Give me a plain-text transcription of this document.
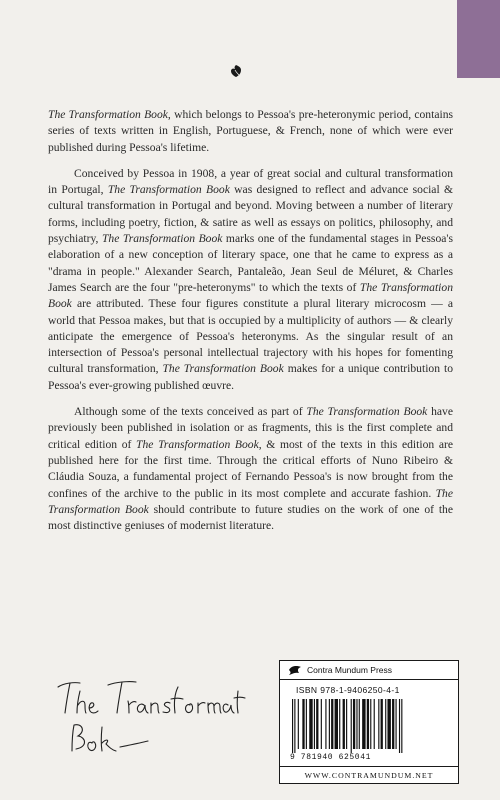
The Transformation Book, which belongs to Pessoa's pre-heteronymic period, contains series of texts written in English, Portuguese, & French, none of which were ever published during Pessoa's lifetime.

Conceived by Pessoa in 1908, a year of great social and cultural transformation in Portugal, The Transformation Book was designed to reflect and advance social & cultural transformation in Portugal and beyond. Moving between a number of literary forms, including poetry, fiction, & satire as well as essays on politics, philosophy, and psychiatry, The Transformation Book marks one of the fundamental stages in Pessoa's elaboration of a new conception of literary space, one that he came to express as a "drama in people." Alexander Search, Pantaleão, Jean Seul de Méluret, & Charles James Search are the four "pre-heteronyms" to which the texts of The Transformation Book are attributed. These four figures constitute a plural literary microcosm — a world that Pessoa makes, but that is occupied by a multiplicity of authors — & clearly anticipate the emergence of Pessoa's heteronyms. As the singular result of an intersection of Pessoa's personal intellectual trajectory with his hopes for fomenting cultural transformation, The Transformation Book makes for a unique contribution to Pessoa's ever-growing published œuvre.

Although some of the texts conceived as part of The Transformation Book have previously been published in isolation or as fragments, this is the first complete and critical edition of The Transformation Book, & most of the texts in this edition are published here for the first time. Through the critical efforts of Nuno Ribeiro & Cláudia Souza, a fundamental project of Fernando Pessoa's is now brought from the confines of the archive to the public in its most complete and accurate fashion. The Transformation Book should contribute to future studies on the work of one of the most distinctive geniuses of modernist literature.

Contra Mundum Press
ISBN 978-1-9406250-4-1
9 781940 625041
WWW.CONTRAMUNDUM.NET
